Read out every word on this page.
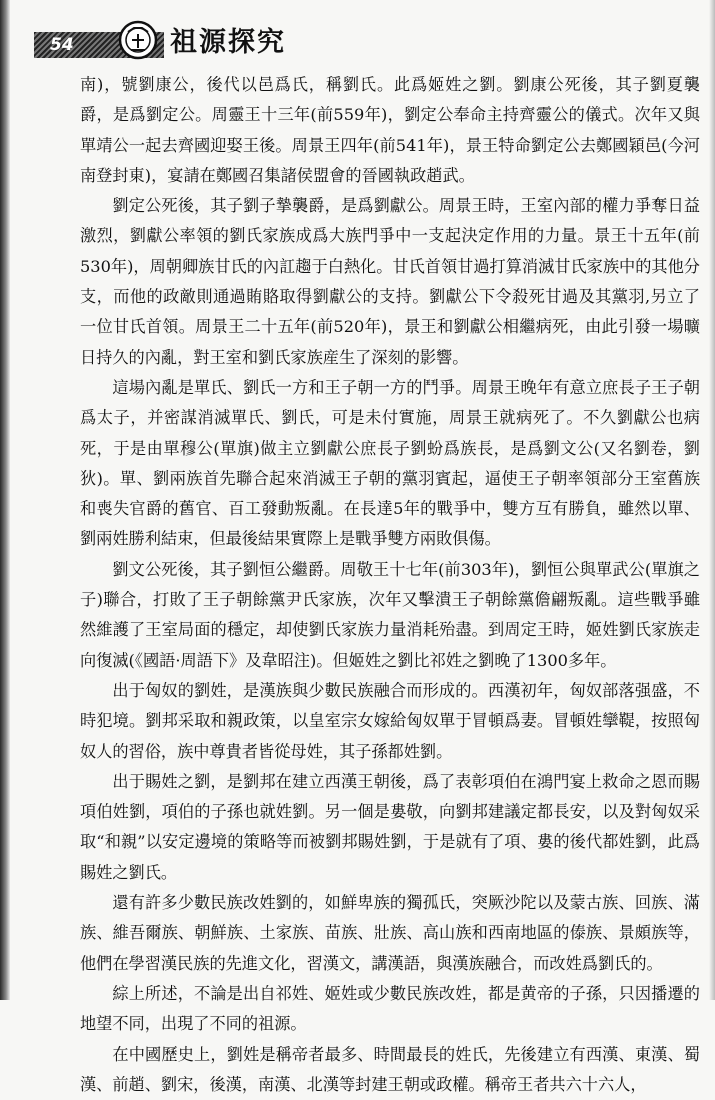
54	祖源探究

南)，號劉康公，後代以邑爲氏，稱劉氏。此爲姬姓之劉。劉康公死後，其子劉夏襲爵，是爲劉定公。周靈王十三年(前559年)，劉定公奉命主持齊靈公的儀式。次年又與單靖公一起去齊國迎娶王後。周景王四年(前541年)，景王特命劉定公去鄭國穎邑(今河南登封東)，宴請在鄭國召集諸侯盟會的晉國執政趙武。

劉定公死後，其子劉子摯襲爵，是爲劉獻公。周景王時，王室內部的權力爭奪日益激烈，劉獻公率領的劉氏家族成爲大族門爭中一支起決定作用的力量。景王十五年(前530年)，周朝卿族甘氏的內訌趨于白熱化。甘氏首領甘過打算消滅甘氏家族中的其他分支，而他的政敵則通過賄賂取得劉獻公的支持。劉獻公下令殺死甘過及其黨羽,另立了一位甘氏首領。周景王二十五年(前520年)，景王和劉獻公相繼病死，由此引發一場曠日持久的內亂，對王室和劉氏家族産生了深刻的影響。

這場內亂是單氏、劉氏一方和王子朝一方的鬥爭。周景王晚年有意立庶長子王子朝爲太子，并密謀消滅單氏、劉氏，可是未付實施，周景王就病死了。不久劉獻公也病死，于是由單穆公(單旗)做主立劉獻公庶長子劉蚡爲族長，是爲劉文公(又名劉卷，劉狄)。單、劉兩族首先聯合起來消滅王子朝的黨羽賓起，逼使王子朝率領部分王室舊族和喪失官爵的舊官、百工發動叛亂。在長達5年的戰爭中，雙方互有勝負，雖然以單、劉兩姓勝利結束，但最後結果實際上是戰爭雙方兩敗俱傷。

劉文公死後，其子劉恒公繼爵。周敬王十七年(前303年)，劉恒公與單武公(單旗之子)聯合，打敗了王子朝餘黨尹氏家族，次年又擊潰王子朝餘黨儋翩叛亂。這些戰爭雖然維護了王室局面的穩定，却使劉氏家族力量消耗殆盡。到周定王時，姬姓劉氏家族走向復滅(《國語·周語下》及韋昭注)。但姬姓之劉比祁姓之劉晚了1300多年。

出于匈奴的劉姓，是漢族與少數民族融合而形成的。西漢初年，匈奴部落强盛，不時犯境。劉邦采取和親政策，以皇室宗女嫁給匈奴單于冒頓爲妻。冒頓姓攣鞮，按照匈奴人的習俗，族中尊貴者皆從母姓，其子孫都姓劉。

出于賜姓之劉，是劉邦在建立西漢王朝後，爲了表彰項伯在鴻門宴上救命之恩而賜項伯姓劉，項伯的子孫也就姓劉。另一個是婁敬，向劉邦建議定都長安，以及對匈奴采取“和親”以安定邊境的策略等而被劉邦賜姓劉，于是就有了項、婁的後代都姓劉，此爲賜姓之劉氏。

還有許多少數民族改姓劉的，如鮮卑族的獨孤氏，突厥沙陀以及蒙古族、回族、滿族、維吾爾族、朝鮮族、土家族、苗族、壯族、高山族和西南地區的傣族、景頗族等，他們在學習漢民族的先進文化，習漢文，講漢語，與漢族融合，而改姓爲劉氏的。

綜上所述，不論是出自祁姓、姬姓或少數民族改姓，都是黄帝的子孫，只因播遷的地望不同，出現了不同的祖源。

在中國歷史上，劉姓是稱帝者最多、時間最長的姓氏，先後建立有西漢、東漢、蜀漢、前趙、劉宋，後漢，南漢、北漢等封建王朝或政權。稱帝王者共六十六人，
